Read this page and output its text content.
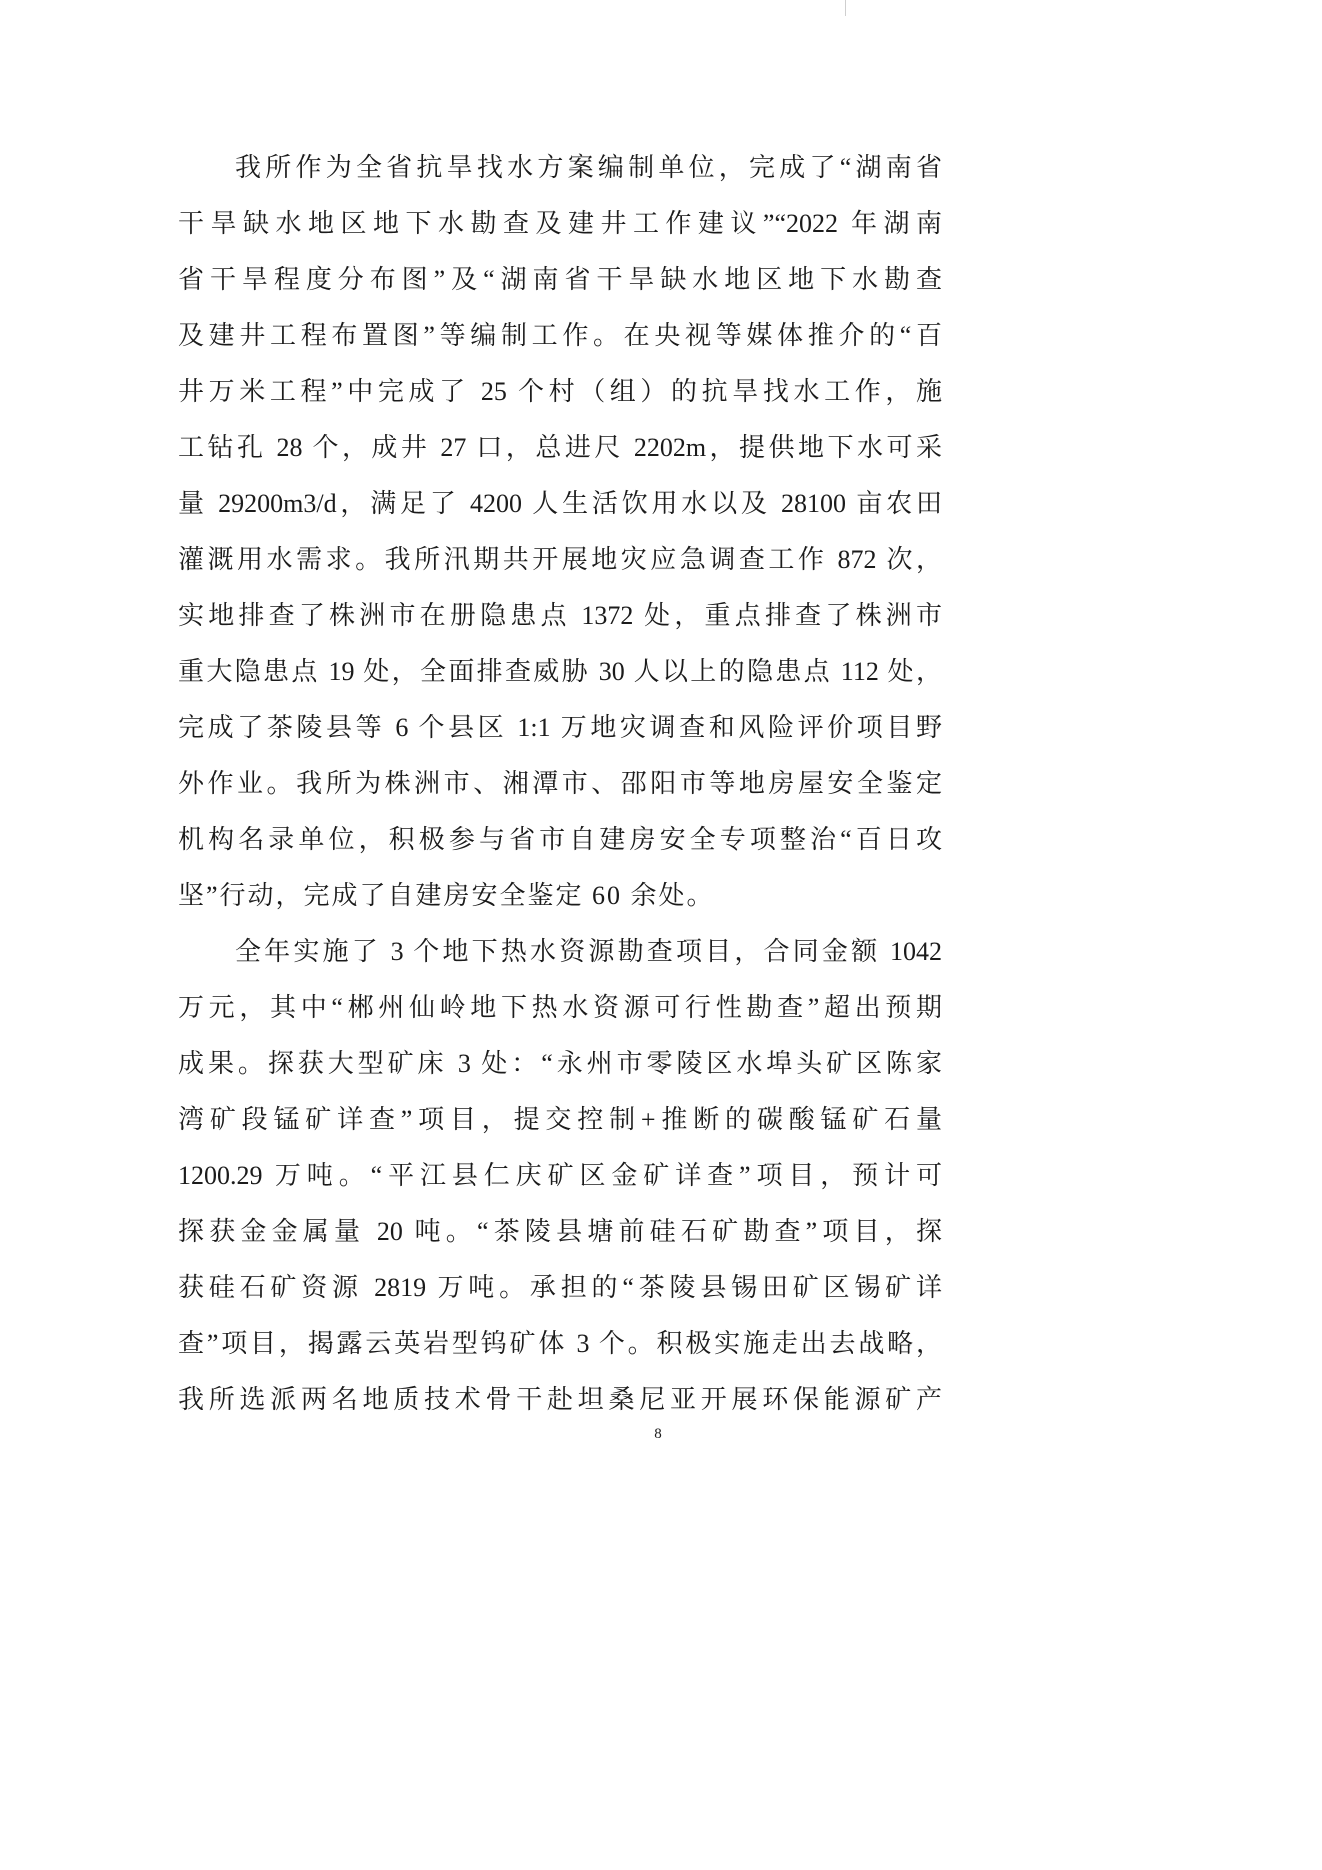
我所作为全省抗旱找水方案编制单位，完成了“湖南省
干旱缺水地区地下水勘查及建井工作建议”“2022 年湖南
省干旱程度分布图”及“湖南省干旱缺水地区地下水勘查
及建井工程布置图”等编制工作。在央视等媒体推介的“百
井万米工程”中完成了 25 个村（组）的抗旱找水工作，施
工钻孔 28 个，成井 27 口，总进尺 2202m，提供地下水可采
量 29200m3/d，满足了 4200 人生活饮用水以及 28100 亩农田
灌溉用水需求。我所汛期共开展地灾应急调查工作 872 次，
实地排查了株洲市在册隐患点 1372 处，重点排查了株洲市
重大隐患点 19 处，全面排查威胁 30 人以上的隐患点 112 处，
完成了茶陵县等 6 个县区 1:1 万地灾调查和风险评价项目野
外作业。我所为株洲市、湘潭市、邵阳市等地房屋安全鉴定
机构名录单位，积极参与省市自建房安全专项整治“百日攻
坚”行动，完成了自建房安全鉴定 60 余处。
全年实施了 3 个地下热水资源勘查项目，合同金额 1042
万元，其中“郴州仙岭地下热水资源可行性勘查”超出预期
成果。探获大型矿床 3 处：“永州市零陵区水埠头矿区陈家
湾矿段锰矿详查”项目，提交控制+推断的碳酸锰矿石量
1200.29 万吨。“平江县仁庆矿区金矿详查”项目，预计可
探获金金属量 20 吨。“茶陵县塘前硅石矿勘查”项目，探
获硅石矿资源 2819 万吨。承担的“茶陵县锡田矿区锡矿详
查”项目，揭露云英岩型钨矿体 3 个。积极实施走出去战略，
我所选派两名地质技术骨干赴坦桑尼亚开展环保能源矿产
8
